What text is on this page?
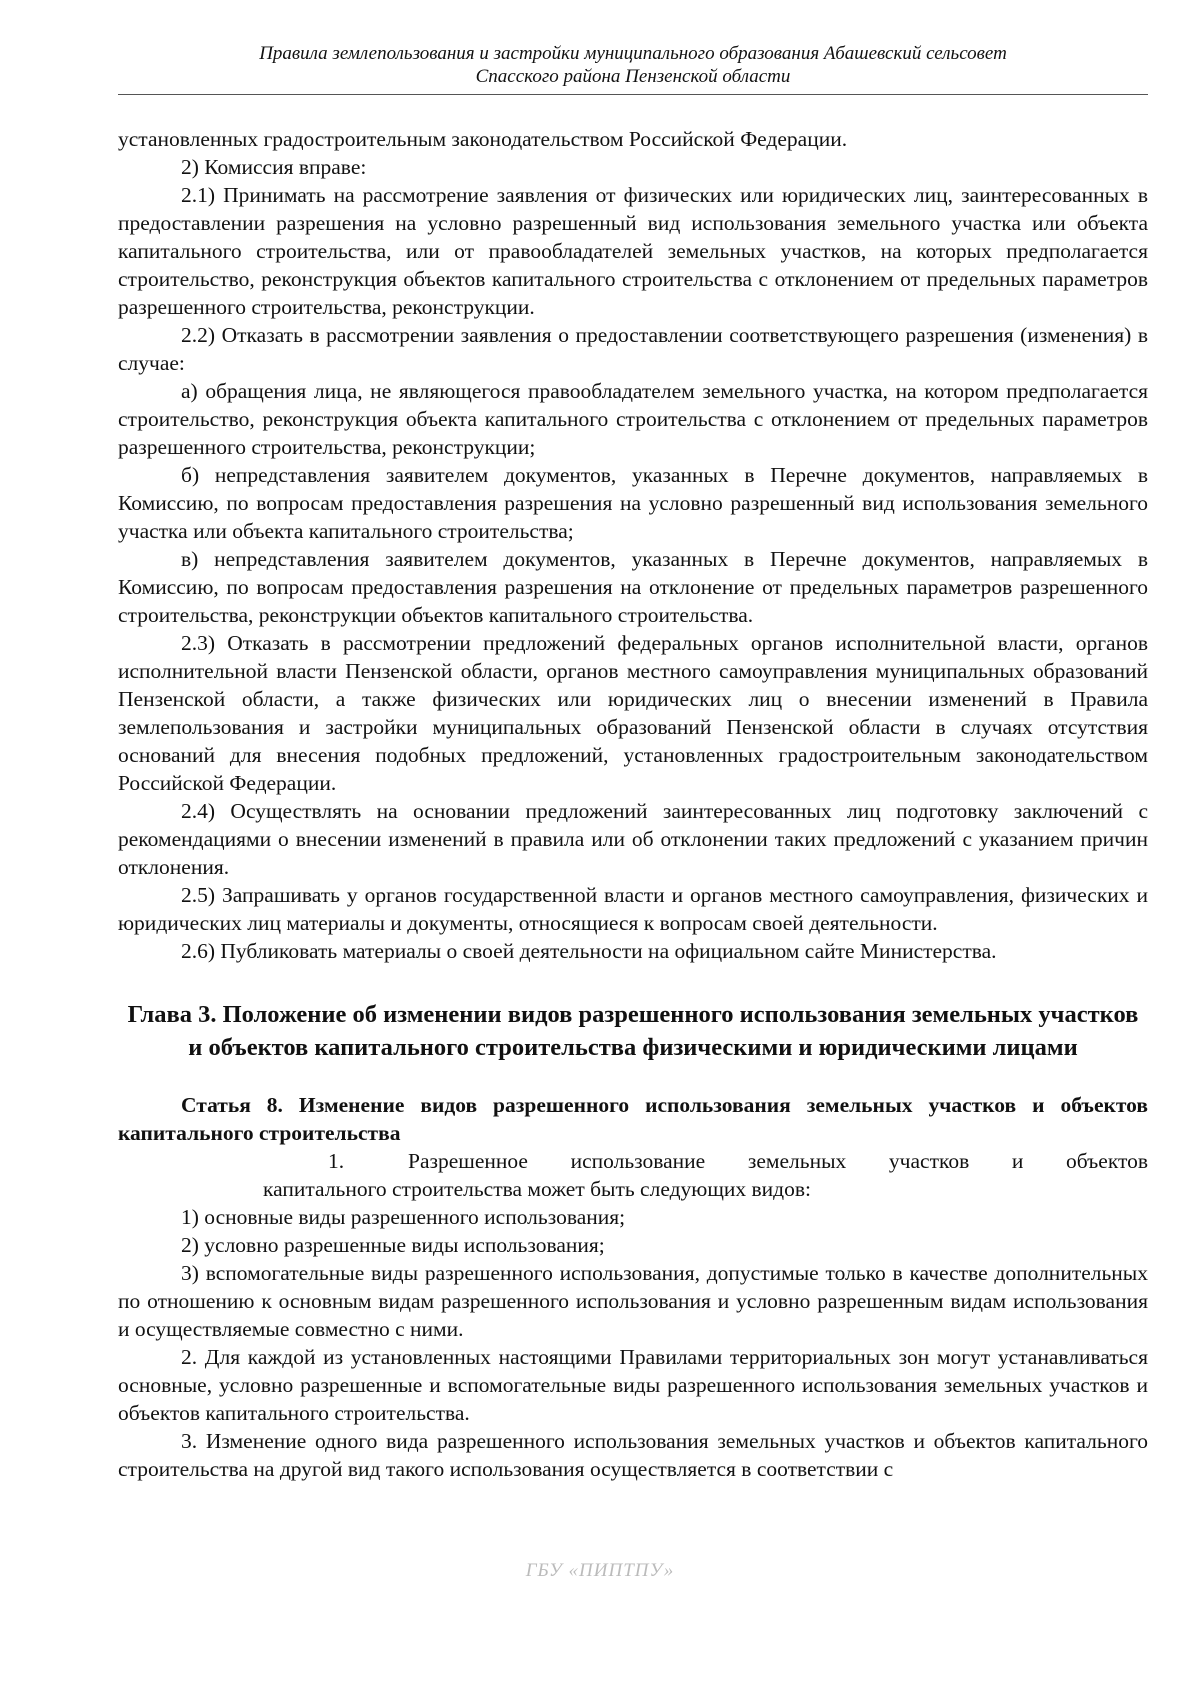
Правила землепользования и застройки муниципального образования Абашевский сельсовет
Спасского района Пензенской области

установленных градостроительным законодательством Российской Федерации.

2) Комиссия вправе:

2.1) Принимать на рассмотрение заявления от физических или юридических лиц, заинтересованных в предоставлении разрешения на условно разрешенный вид использования земельного участка или объекта капитального строительства, или от правообладателей земельных участков, на которых предполагается строительство, реконструкция объектов капитального строительства с отклонением от предельных параметров разрешенного строительства, реконструкции.

2.2) Отказать в рассмотрении заявления о предоставлении соответствующего разрешения (изменения) в случае:

а) обращения лица, не являющегося правообладателем земельного участка, на котором предполагается строительство, реконструкция объекта капитального строительства с отклонением от предельных параметров разрешенного строительства, реконструкции;

б) непредставления заявителем документов, указанных в Перечне документов, направляемых в Комиссию, по вопросам предоставления разрешения на условно разрешенный вид использования земельного участка или объекта капитального строительства;

в) непредставления заявителем документов, указанных в Перечне документов, направляемых в Комиссию, по вопросам предоставления разрешения на отклонение от предельных параметров разрешенного строительства, реконструкции объектов капитального строительства.

2.3) Отказать в рассмотрении предложений федеральных органов исполнительной власти, органов исполнительной власти Пензенской области, органов местного самоуправления муниципальных образований Пензенской области, а также физических или юридических лиц о внесении изменений в Правила землепользования и застройки муниципальных образований Пензенской области в случаях отсутствия оснований для внесения подобных предложений, установленных градостроительным законодательством Российской Федерации.

2.4) Осуществлять на основании предложений заинтересованных лиц подготовку заключений с рекомендациями о внесении изменений в правила или об отклонении таких предложений с указанием причин отклонения.

2.5) Запрашивать у органов государственной власти и органов местного самоуправления, физических и юридических лиц материалы и документы, относящиеся к вопросам своей деятельности.

2.6) Публиковать материалы о своей деятельности на официальном сайте Министерства.

Глава 3. Положение об изменении видов разрешенного использования земельных участков и объектов капитального строительства физическими и юридическими лицами

Статья 8. Изменение видов разрешенного использования земельных участков и объектов капитального строительства

1.	Разрешенное использование земельных участков и объектов
капитального строительства может быть следующих видов:

1) основные виды разрешенного использования;

2) условно разрешенные виды использования;

3) вспомогательные виды разрешенного использования, допустимые только в качестве дополнительных по отношению к основным видам разрешенного использования и условно разрешенным видам использования и осуществляемые совместно с ними.

2. Для каждой из установленных настоящими Правилами территориальных зон могут устанавливаться основные, условно разрешенные и вспомогательные виды разрешенного использования земельных участков и объектов капитального строительства.

3. Изменение одного вида разрешенного использования земельных участков и объектов капитального строительства на другой вид такого использования осуществляется в соответствии с

ГБУ «ПИПТПУ»
